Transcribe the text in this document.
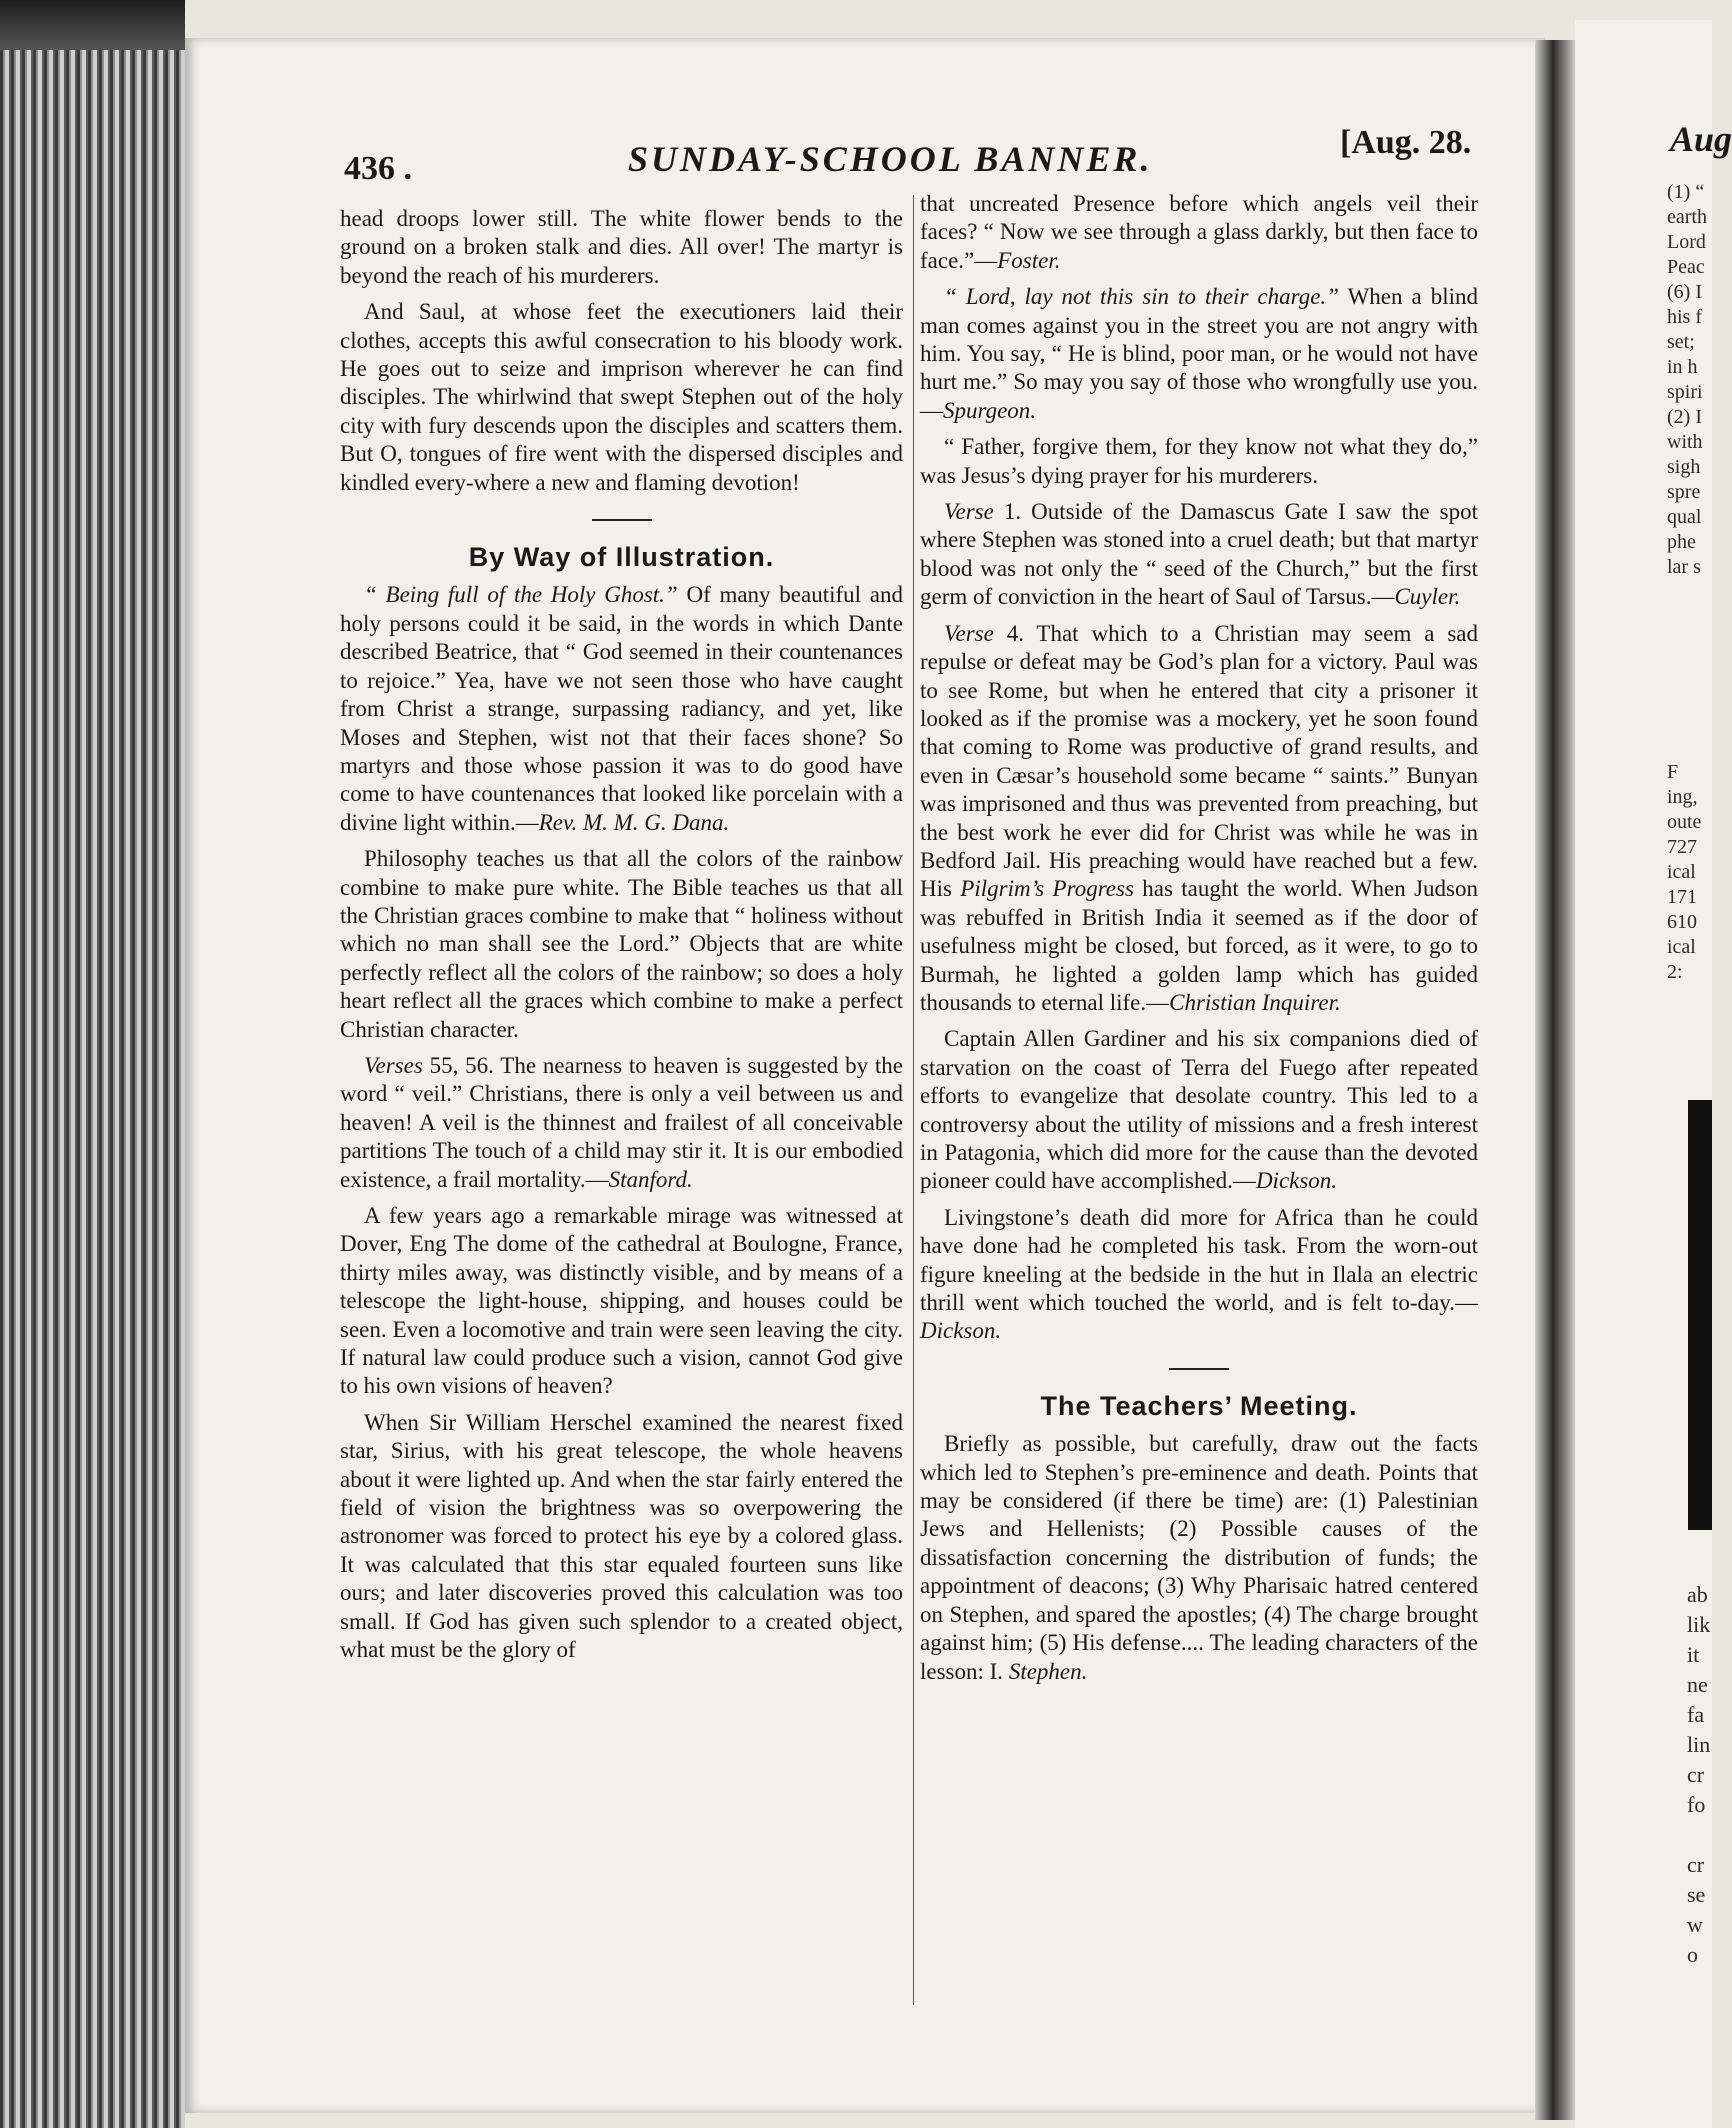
Aug
(1) “
earth
Lord
Peac
(6) I
his f
set;
in h
spiri
(2) I
with
sigh
spre
qual
phe
lar s
F
ing,
oute
727
ical
171
610
ical
2:
ab
lik
it
ne
fa
lin
cr
fo

cr
se
w
o
436 .	SUNDAY-SCHOOL BANNER.	[Aug. 28.

head droops lower still. The white flower bends to the ground on a broken stalk and dies. All over! The martyr is beyond the reach of his murderers.

And Saul, at whose feet the executioners laid their clothes, accepts this awful consecration to his bloody work. He goes out to seize and imprison wherever he can find disciples. The whirlwind that swept Stephen out of the holy city with fury descends upon the disciples and scatters them. But O, tongues of fire went with the dispersed disciples and kindled every-where a new and flaming devotion!

By Way of Illustration.

“ Being full of the Holy Ghost.” Of many beautiful and holy persons could it be said, in the words in which Dante described Beatrice, that “ God seemed in their countenances to rejoice.” Yea, have we not seen those who have caught from Christ a strange, surpassing radiancy, and yet, like Moses and Stephen, wist not that their faces shone? So martyrs and those whose passion it was to do good have come to have countenances that looked like porcelain with a divine light within.—Rev. M. M. G. Dana.

Philosophy teaches us that all the colors of the rainbow combine to make pure white. The Bible teaches us that all the Christian graces combine to make that “ holiness without which no man shall see the Lord.” Objects that are white perfectly reflect all the colors of the rainbow; so does a holy heart reflect all the graces which combine to make a perfect Christian character.

Verses 55, 56. The nearness to heaven is suggested by the word “ veil.” Christians, there is only a veil between us and heaven! A veil is the thinnest and frailest of all conceivable partitions The touch of a child may stir it. It is our embodied existence, a frail mortality.—Stanford.

A few years ago a remarkable mirage was witnessed at Dover, Eng The dome of the cathedral at Boulogne, France, thirty miles away, was distinctly visible, and by means of a telescope the light-house, shipping, and houses could be seen. Even a locomotive and train were seen leaving the city. If natural law could produce such a vision, cannot God give to his own visions of heaven?

When Sir William Herschel examined the nearest fixed star, Sirius, with his great telescope, the whole heavens about it were lighted up. And when the star fairly entered the field of vision the brightness was so overpowering the astronomer was forced to protect his eye by a colored glass. It was calculated that this star equaled fourteen suns like ours; and later discoveries proved this calculation was too small. If God has given such splendor to a created object, what must be the glory of

that uncreated Presence before which angels veil their faces? “ Now we see through a glass darkly, but then face to face.”—Foster.

“ Lord, lay not this sin to their charge.” When a blind man comes against you in the street you are not angry with him. You say, “ He is blind, poor man, or he would not have hurt me.” So may you say of those who wrongfully use you.—Spurgeon.

“ Father, forgive them, for they know not what they do,” was Jesus’s dying prayer for his murderers.

Verse 1. Outside of the Damascus Gate I saw the spot where Stephen was stoned into a cruel death; but that martyr blood was not only the “ seed of the Church,” but the first germ of conviction in the heart of Saul of Tarsus.—Cuyler.

Verse 4. That which to a Christian may seem a sad repulse or defeat may be God’s plan for a victory. Paul was to see Rome, but when he entered that city a prisoner it looked as if the promise was a mockery, yet he soon found that coming to Rome was productive of grand results, and even in Cæsar’s household some became “ saints.” Bunyan was imprisoned and thus was prevented from preaching, but the best work he ever did for Christ was while he was in Bedford Jail. His preaching would have reached but a few. His Pilgrim’s Progress has taught the world. When Judson was rebuffed in British India it seemed as if the door of usefulness might be closed, but forced, as it were, to go to Burmah, he lighted a golden lamp which has guided thousands to eternal life.—Christian Inquirer.

Captain Allen Gardiner and his six companions died of starvation on the coast of Terra del Fuego after repeated efforts to evangelize that desolate country. This led to a controversy about the utility of missions and a fresh interest in Patagonia, which did more for the cause than the devoted pioneer could have accomplished.—Dickson.

Livingstone’s death did more for Africa than he could have done had he completed his task. From the worn-out figure kneeling at the bedside in the hut in Ilala an electric thrill went which touched the world, and is felt to-day.—Dickson.

The Teachers’ Meeting.

Briefly as possible, but carefully, draw out the facts which led to Stephen’s pre-eminence and death. Points that may be considered (if there be time) are: (1) Palestinian Jews and Hellenists; (2) Possible causes of the dissatisfaction concerning the distribution of funds; the appointment of deacons; (3) Why Pharisaic hatred centered on Stephen, and spared the apostles; (4) The charge brought against him; (5) His defense.... The leading characters of the lesson: I. Stephen.
